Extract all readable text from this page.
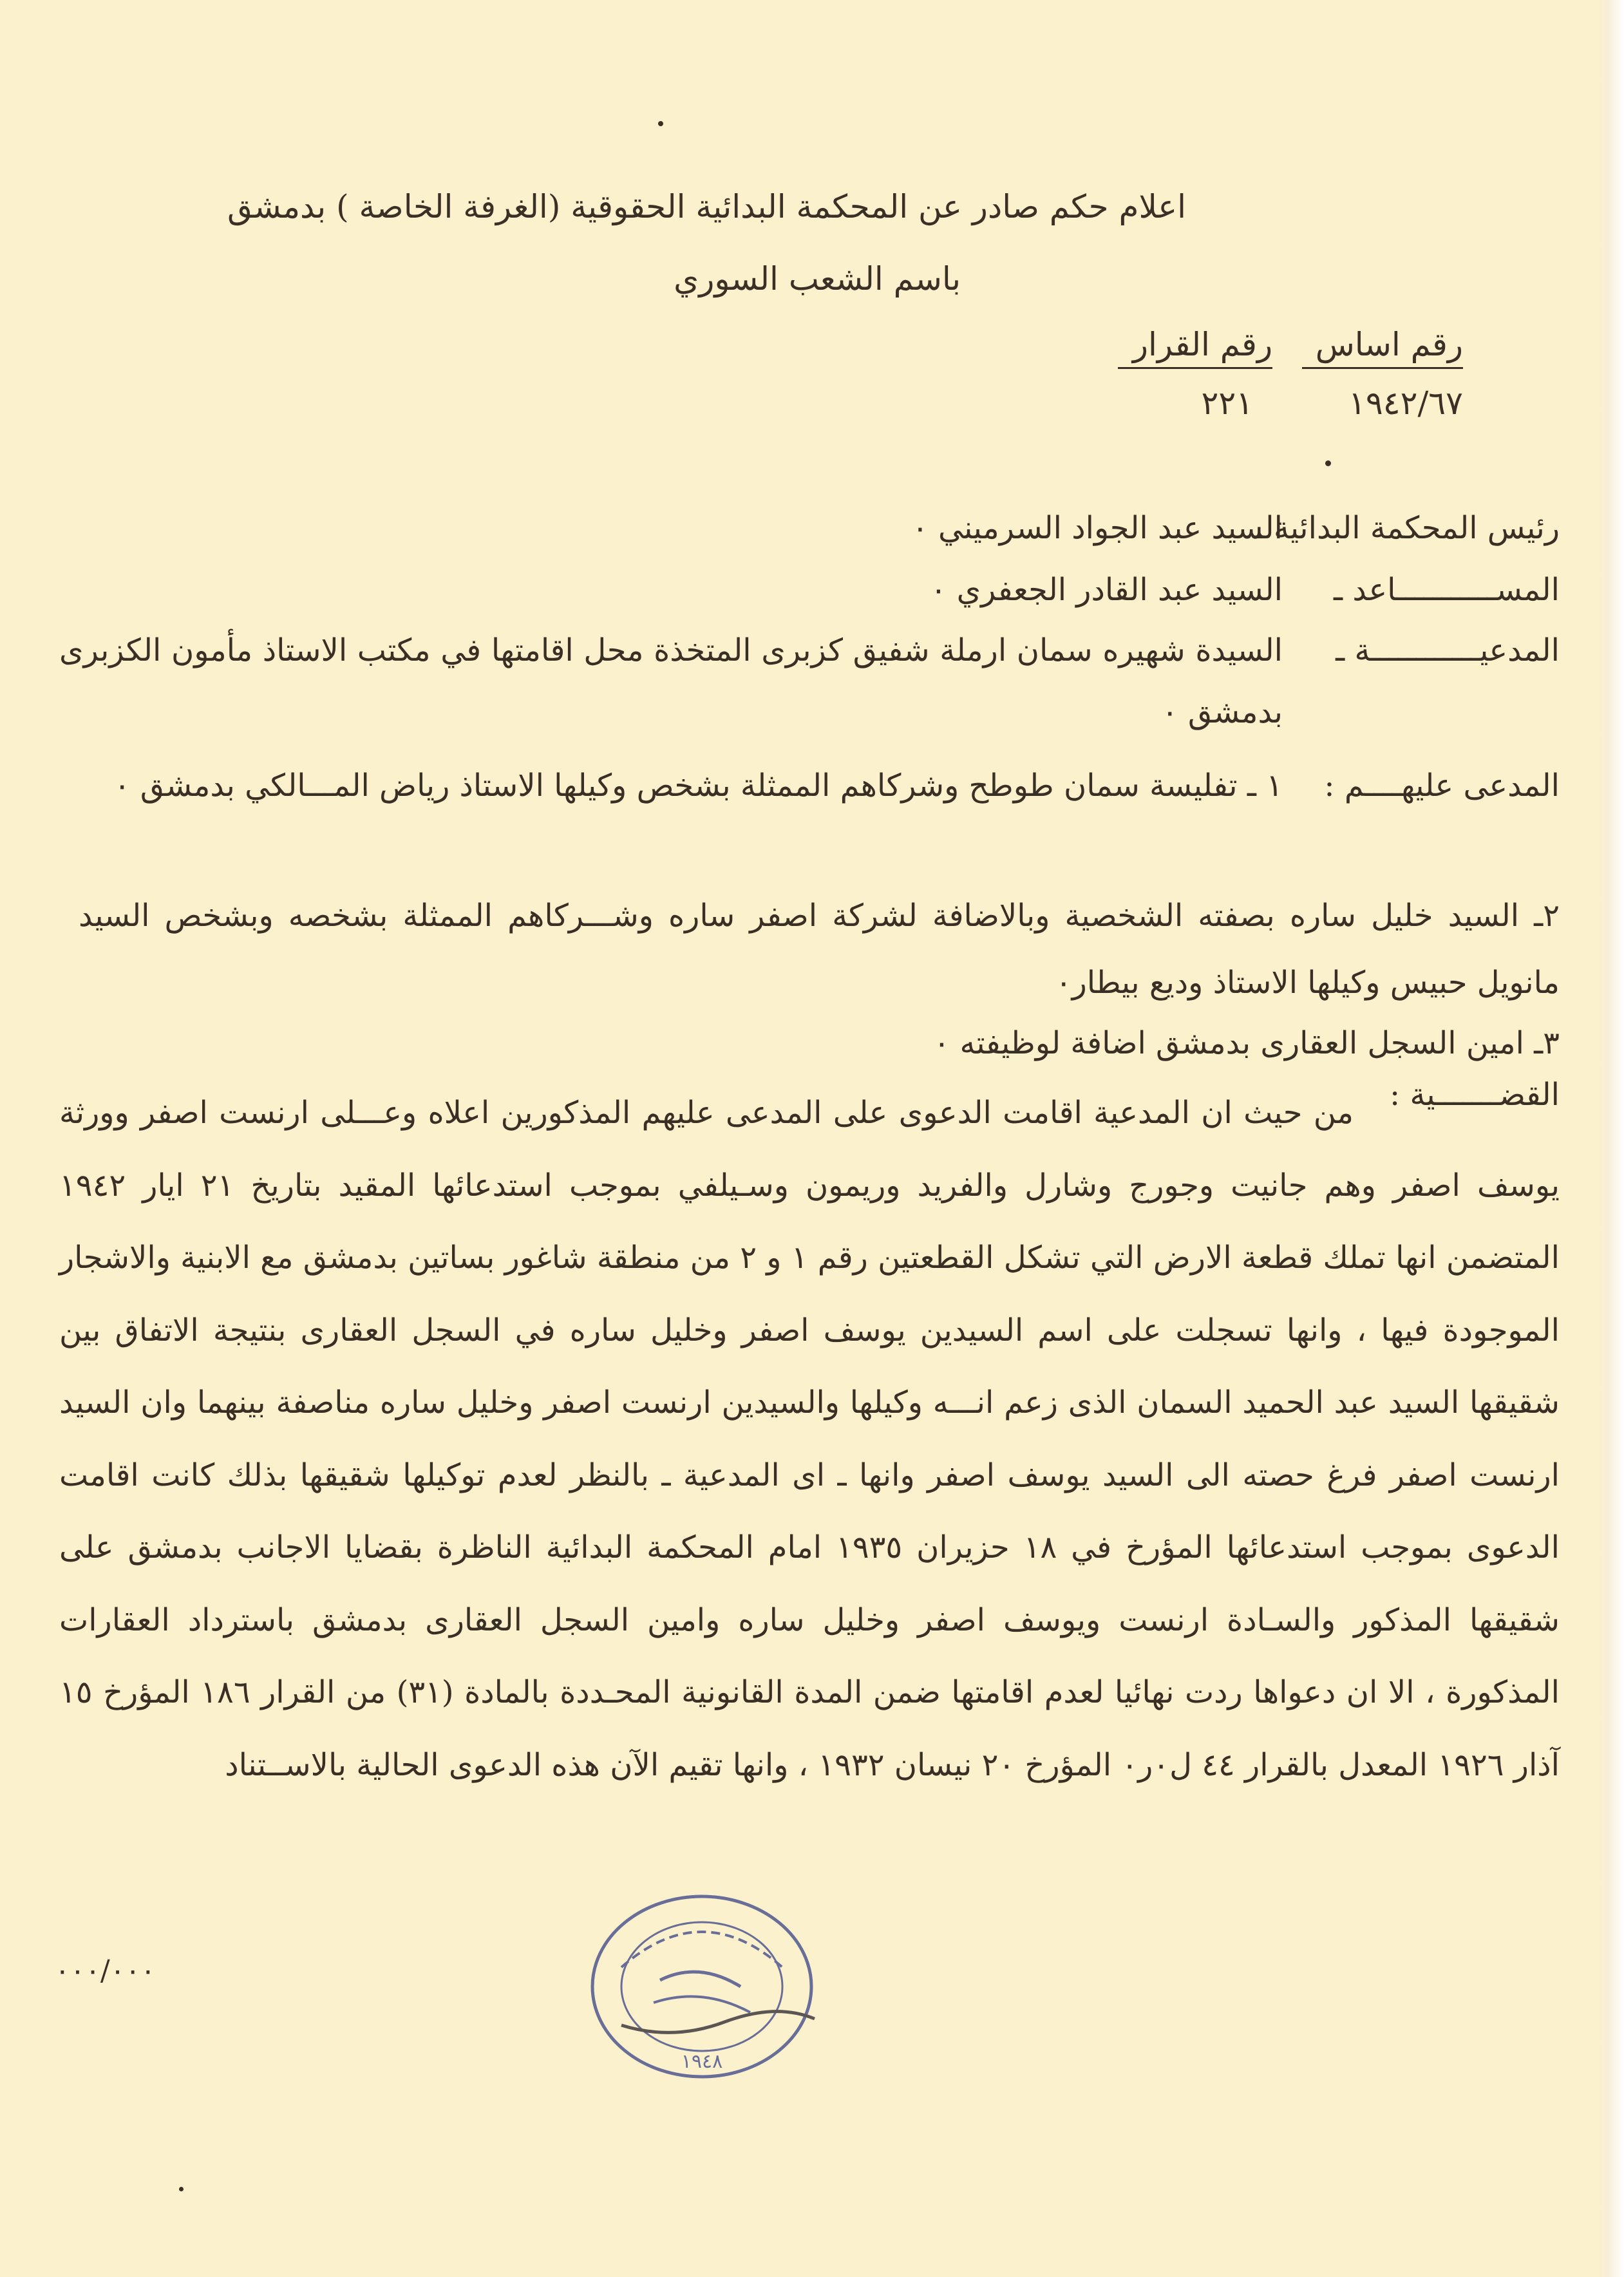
اعلام حكم صادر عن المحكمة البدائية الحقوقية (الغرفة الخاصة ) بدمشق
باسم الشعب السوري
رقم اساس رقم القرار
١٩٤٢/٦٧ ٢٢١
رئيس المحكمة البدائية ـ
السيد عبد الجواد السرميني ٠
المســـــــــــاعد ـ
السيد عبد القادر الجعفري ٠
المدعيــــــــــــة ـ
السيدة شهيره سمان ارملة شفيق كزبرى المتخذة محل اقامتها في مكتب الاستاذ مأمون الكزبرى بدمشق ٠
المدعى عليهــــم :
١ ـ تفليسة سمان طوطح وشركاهم الممثلة بشخص وكيلها الاستاذ رياض المـــالكي بدمشق ٠
٢ـ السيد خليل ساره بصفته الشخصية وبالاضافة لشركة اصفر ساره وشـــركاهم الممثلة بشخصه وبشخص السيد مانويل حبيس وكيلها الاستاذ وديع بيطار٠
٣ـ امين السجل العقارى بدمشق اضافة لوظيفته ٠
القضـــــــية :
من حيث ان المدعية اقامت الدعوى على المدعى عليهم المذكورين اعلاه وعـــلى ارنست اصفر وورثة يوسف اصفر وهم جانيت وجورج وشارل والفريد وريمون وسـيلفي بموجب استدعائها المقيد بتاريخ ٢١ ايار ١٩٤٢ المتضمن انها تملك قطعة الارض التي تشكل القطعتين رقم ١ و ٢ من منطقة شاغور بساتين بدمشق مع الابنية والاشجار الموجودة فيها ، وانها تسجلت على اسم السيدين يوسف اصفر وخليل ساره في السجل العقارى بنتيجة الاتفاق بين شقيقها السيد عبد الحميد السمان الذى زعم انـــه وكيلها والسيدين ارنست اصفر وخليل ساره مناصفة بينهما وان السيد ارنست اصفر فرغ حصته الى السيد يوسف اصفر وانها ـ اى المدعية ـ بالنظر لعدم توكيلها شقيقها بذلك كانت اقامت الدعوى بموجب استدعائها المؤرخ في ١٨ حزيران ١٩٣٥ امام المحكمة البدائية الناظرة بقضايا الاجانب بدمشق على شقيقها المذكور والسـادة ارنست ويوسف اصفر وخليل ساره وامين السجل العقارى بدمشق باسترداد العقارات المذكورة ، الا ان دعواها ردت نهائيا لعدم اقامتها ضمن المدة القانونية المحـددة بالمادة (٣١) من القرار ١٨٦ المؤرخ ١٥ آذار ١٩٢٦ المعدل بالقرار ٤٤ ل٠ر٠ المؤرخ ٢٠ نيسان ١٩٣٢ ، وانها تقيم الآن هذه الدعوى الحالية بالاســتناد
٠٠٠/٠٠٠
١٩٤٨
